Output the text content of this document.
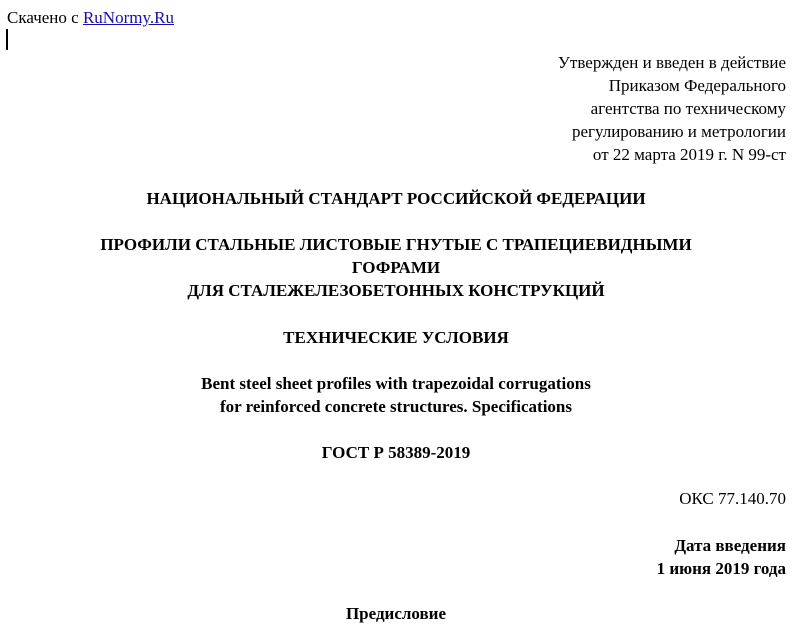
Скачено с RuNormy.Ru
Утвержден и введен в действие
Приказом Федерального
агентства по техническому
регулированию и метрологии
от 22 марта 2019 г. N 99-ст
НАЦИОНАЛЬНЫЙ СТАНДАРТ РОССИЙСКОЙ ФЕДЕРАЦИИ
ПРОФИЛИ СТАЛЬНЫЕ ЛИСТОВЫЕ ГНУТЫЕ С ТРАПЕЦИЕВИДНЫМИ
ГОФРАМИ
ДЛЯ СТАЛЕЖЕЛЕЗОБЕТОННЫХ КОНСТРУКЦИЙ
ТЕХНИЧЕСКИЕ УСЛОВИЯ
Bent steel sheet profiles with trapezoidal corrugations
for reinforced concrete structures. Specifications
ГОСТ Р 58389-2019
ОКС 77.140.70
Дата введения
1 июня 2019 года
Предисловие
